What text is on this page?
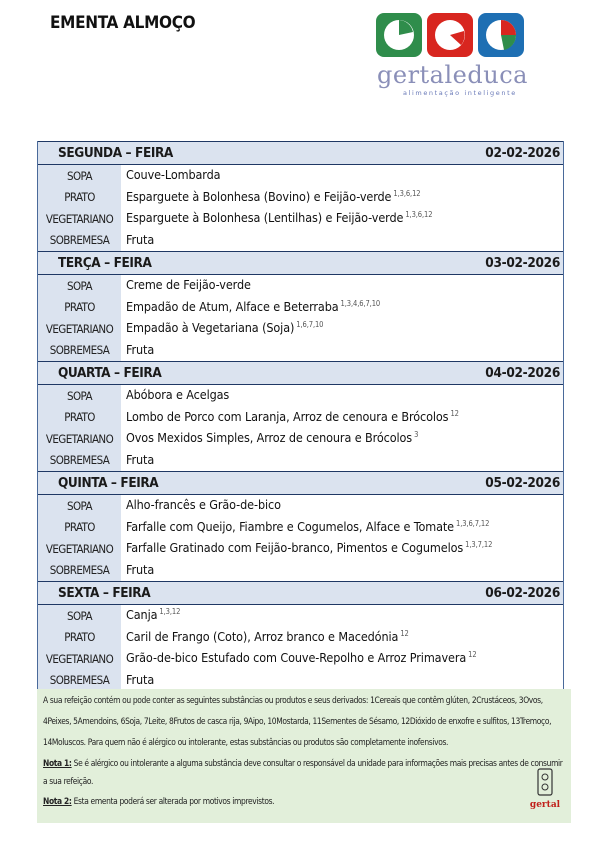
EMENTA ALMOÇO
gertaleduca
alimentação inteligente
SEGUNDA – FEIRA	02-02-2026
SOPA	Couve-Lombarda
PRATO	Esparguete à Bolonhesa (Bovino) e Feijão-verde $^{1,3,6,12}$
VEGETARIANO	Esparguete à Bolonhesa (Lentilhas) e Feijão-verde $^{1,3,6,12}$
SOBREMESA	Fruta
TERÇA – FEIRA	03-02-2026
SOPA	Creme de Feijão-verde
PRATO	Empadão de Atum, Alface e Beterraba $^{1,3,4,6,7,10}$
VEGETARIANO	Empadão à Vegetariana (Soja) $^{1,6,7,10}$
SOBREMESA	Fruta
QUARTA – FEIRA	04-02-2026
SOPA	Abóbora e Acelgas
PRATO	Lombo de Porco com Laranja, Arroz de cenoura e Brócolos $^{12}$
VEGETARIANO	Ovos Mexidos Simples, Arroz de cenoura e Brócolos $^3$
SOBREMESA	Fruta
QUINTA – FEIRA	05-02-2026
SOPA	Alho-francês e Grão-de-bico
PRATO	Farfalle com Queijo, Fiambre e Cogumelos, Alface e Tomate $^{1,3,6,7,12}$
VEGETARIANO	Farfalle Gratinado com Feijão-branco, Pimentos e Cogumelos $^{1,3,7,12}$
SOBREMESA	Fruta
SEXTA – FEIRA	06-02-2026
SOPA	Canja $^{1,3,12}$
PRATO	Caril de Frango (Coto), Arroz branco e Macedónia $^{12}$
VEGETARIANO	Grão-de-bico Estufado com Couve-Repolho e Arroz Primavera $^{12}$
SOBREMESA	Fruta

A sua refeição contém ou pode conter as seguintes substâncias ou produtos e seus derivados: 1Cereais que contêm glúten, 2Crustáceos, 3Ovos,

4Peixes, 5Amendoins, 6Soja, 7Leite, 8Frutos de casca rija, 9Aipo, 10Mostarda, 11Sementes de Sésamo, 12Dióxido de enxofre e sulfitos, 13Tremoço,

14Moluscos. Para quem não é alérgico ou intolerante, estas substâncias ou produtos são completamente inofensivos.

Nota 1: Se é alérgico ou intolerante a alguma substância deve consultar o responsável da unidade para informações mais precisas antes de consumir

a sua refeição.

Nota 2: Esta ementa poderá ser alterada por motivos imprevistos.	gertal
